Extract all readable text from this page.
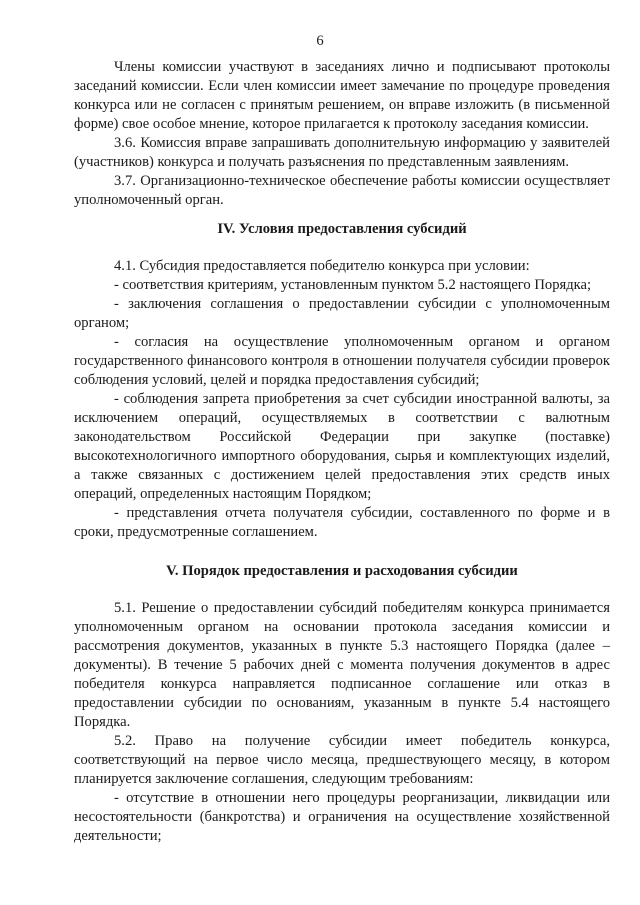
6

Члены комиссии участвуют в заседаниях лично и подписывают протоколы заседаний комиссии. Если член комиссии имеет замечание по процедуре проведения конкурса или не согласен с принятым решением, он вправе изложить (в письменной форме) свое особое мнение, которое прилагается к протоколу заседания комиссии.

3.6. Комиссия вправе запрашивать дополнительную информацию у заявителей (участников) конкурса и получать разъяснения по представленным заявлениям.

3.7. Организационно-техническое обеспечение работы комиссии осуществляет уполномоченный орган.

IV. Условия предоставления субсидий

4.1. Субсидия предоставляется победителю конкурса при условии:

- соответствия критериям, установленным пунктом 5.2 настоящего Порядка;

- заключения соглашения о предоставлении субсидии с уполномоченным органом;

- согласия на осуществление уполномоченным органом и органом государственного финансового контроля в отношении получателя субсидии проверок соблюдения условий, целей и порядка предоставления субсидий;

- соблюдения запрета приобретения за счет субсидии иностранной валюты, за исключением операций, осуществляемых в соответствии с валютным законодательством Российской Федерации при закупке (поставке) высокотехнологичного импортного оборудования, сырья и комплектующих изделий, а также связанных с достижением целей предоставления этих средств иных операций, определенных настоящим Порядком;

- представления отчета получателя субсидии, составленного по форме и в сроки, предусмотренные соглашением.

V. Порядок предоставления и расходования субсидии

5.1. Решение о предоставлении субсидий победителям конкурса принимается уполномоченным органом на основании протокола заседания комиссии и рассмотрения документов, указанных в пункте 5.3 настоящего Порядка (далее – документы). В течение 5 рабочих дней с момента получения документов в адрес победителя конкурса направляется подписанное соглашение или отказ в предоставлении субсидии по основаниям, указанным в пункте 5.4 настоящего Порядка.

5.2. Право на получение субсидии имеет победитель конкурса, соответствующий на первое число месяца, предшествующего месяцу, в котором планируется заключение соглашения, следующим требованиям:

- отсутствие в отношении него процедуры реорганизации, ликвидации или несостоятельности (банкротства) и ограничения на осуществление хозяйственной деятельности;
